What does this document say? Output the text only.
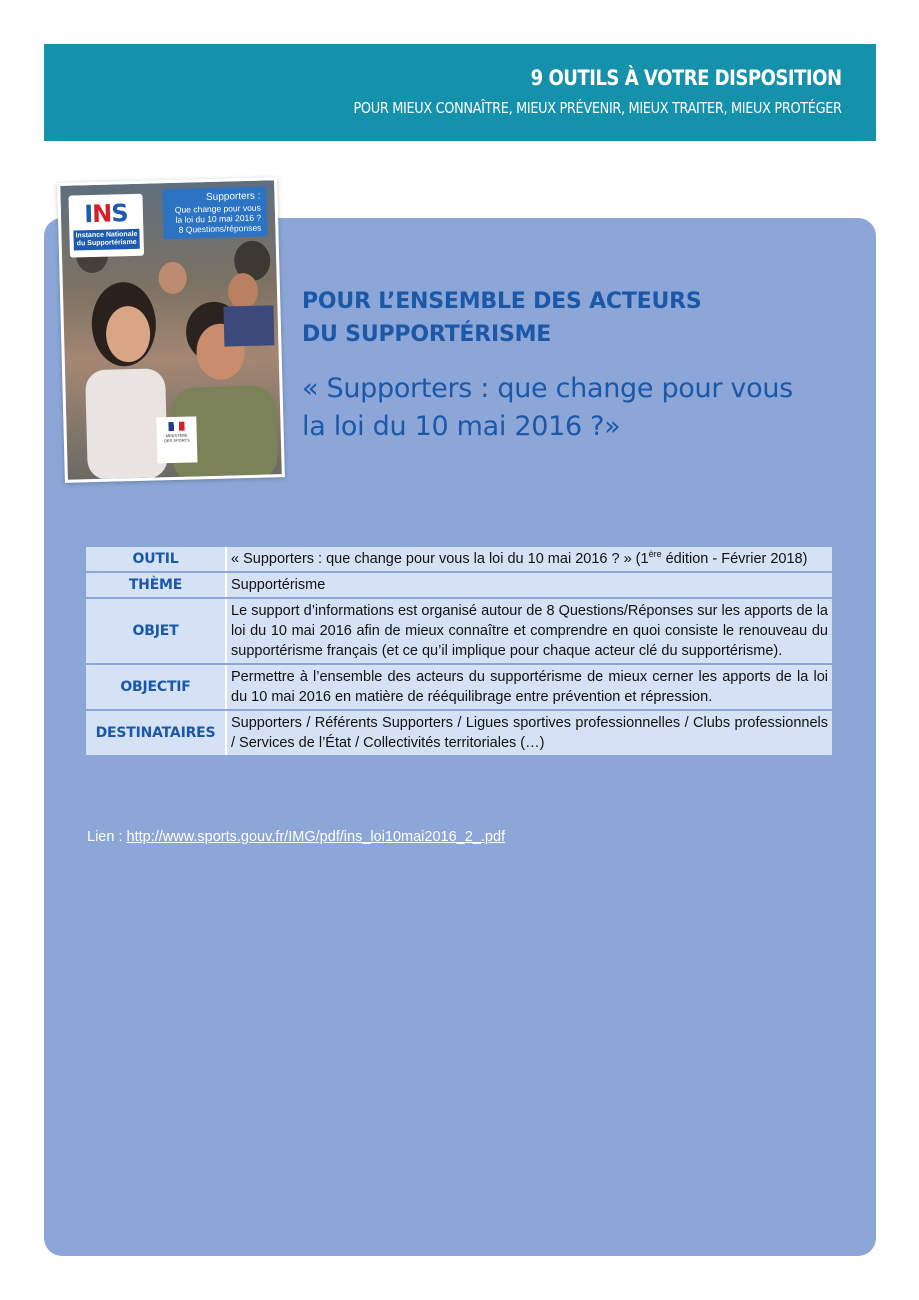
9 OUTILS À VOTRE DISPOSITION
POUR MIEUX CONNAÎTRE, MIEUX PRÉVENIR, MIEUX TRAITER, MIEUX PROTÉGER
INS
Instance Nationale
du Supportérisme
Supporters :
Que change pour vous
la loi du 10 mai 2016 ?
8 Questions/réponses
MINISTÈRE
DES SPORTS
POUR L’ENSEMBLE DES ACTEURS
DU SUPPORTÉRISME
« Supporters : que change pour vous
la loi du 10 mai 2016 ?»
OUTIL	« Supporters : que change pour vous la loi du 10 mai 2016 ? » (1ère édition - Février 2018)
THÈME	Supportérisme
OBJET	Le support d’informations est organisé autour de 8 Questions/Réponses sur les apports de la loi du 10 mai 2016 afin de mieux connaître et comprendre en quoi consiste le renouveau du supportérisme français (et ce qu’il implique pour chaque acteur clé du supportérisme).
OBJECTIF	Permettre à l’ensemble des acteurs du supportérisme de mieux cerner les apports de la loi du 10 mai 2016 en matière de rééquilibrage entre prévention et répression.
DESTINATAIRES	Supporters / Référents Supporters / Ligues sportives professionnelles / Clubs professionnels / Services de l’État / Collectivités territoriales (…)
Lien : http://www.sports.gouv.fr/IMG/pdf/ins_loi10mai2016_2_.pdf
